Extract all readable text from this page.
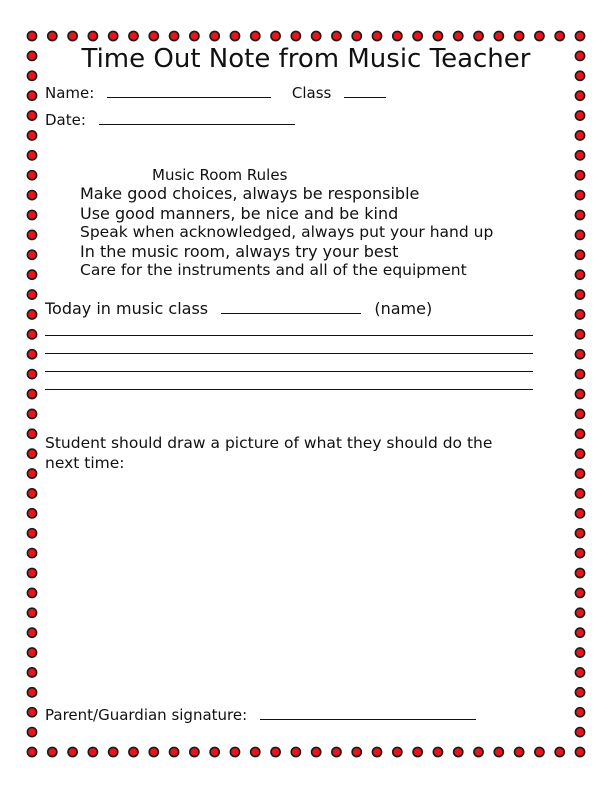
Time Out Note from Music Teacher
Name:	Class
Date:
Music Room Rules
Make good choices, always be responsible
Use good manners, be nice and be kind
Speak when acknowledged, always put your hand up
In the music room, always try your best
Care for the instruments and all of the equipment
Today in music class	(name)
Student should draw a picture of what they should do the
next time:
Parent/Guardian signature:
